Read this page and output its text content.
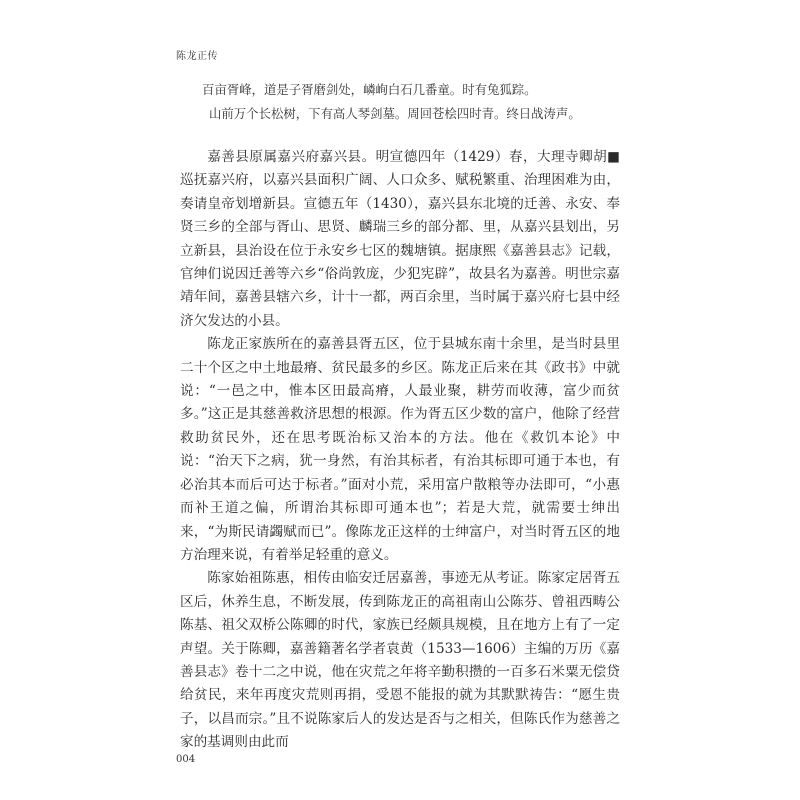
陈龙正传
百亩胥峰，道是子胥磨剑处，嶙峋白石几番童。时有兔狐踪。
山前万个长松树，下有高人琴剑墓。周回苍桧四时青。终日战涛声。

嘉善县原属嘉兴府嘉兴县。明宣德四年（1429）春，大理寺卿胡■巡抚嘉兴府，以嘉兴县面积广阔、人口众多、赋税繁重、治理困难为由，奏请皇帝划增新县。宣德五年（1430），嘉兴县东北境的迁善、永安、奉贤三乡的全部与胥山、思贤、麟瑞三乡的部分都、里，从嘉兴县划出，另立新县，县治设在位于永安乡七区的魏塘镇。据康熙《嘉善县志》记载，官绅们说因迁善等六乡“俗尚敦庞，少犯宪辟”，故县名为嘉善。明世宗嘉靖年间，嘉善县辖六乡，计十一都，两百余里，当时属于嘉兴府七县中经济欠发达的小县。

陈龙正家族所在的嘉善县胥五区，位于县城东南十余里，是当时县里二十个区之中土地最瘠、贫民最多的乡区。陈龙正后来在其《政书》中就说：“一邑之中，惟本区田最高瘠，人最业聚，耕劳而收薄，富少而贫多。”这正是其慈善救济思想的根源。作为胥五区少数的富户，他除了经营救助贫民外，还在思考既治标又治本的方法。他在《救饥本论》中说：“治天下之病，犹一身然，有治其标者，有治其标即可通于本也，有必治其本而后可达于标者。”面对小荒，采用富户散粮等办法即可，“小惠而补王道之偏，所谓治其标即可通本也”；若是大荒，就需要士绅出来，“为斯民请蠲赋而已”。像陈龙正这样的士绅富户，对当时胥五区的地方治理来说，有着举足轻重的意义。

陈家始祖陈惠，相传由临安迁居嘉善，事迹无从考证。陈家定居胥五区后，休养生息，不断发展，传到陈龙正的高祖南山公陈芬、曾祖西畴公陈基、祖父双桥公陈卿的时代，家族已经颇具规模，且在地方上有了一定声望。关于陈卿，嘉善籍著名学者袁黄（1533—1606）主编的万历《嘉善县志》卷十二之中说，他在灾荒之年将辛勤积攒的一百多石米粟无偿贷给贫民，来年再度灾荒则再捐，受恩不能报的就为其默默祷告：“愿生贵子，以昌而宗。”且不说陈家后人的发达是否与之相关，但陈氏作为慈善之家的基调则由此而

004
